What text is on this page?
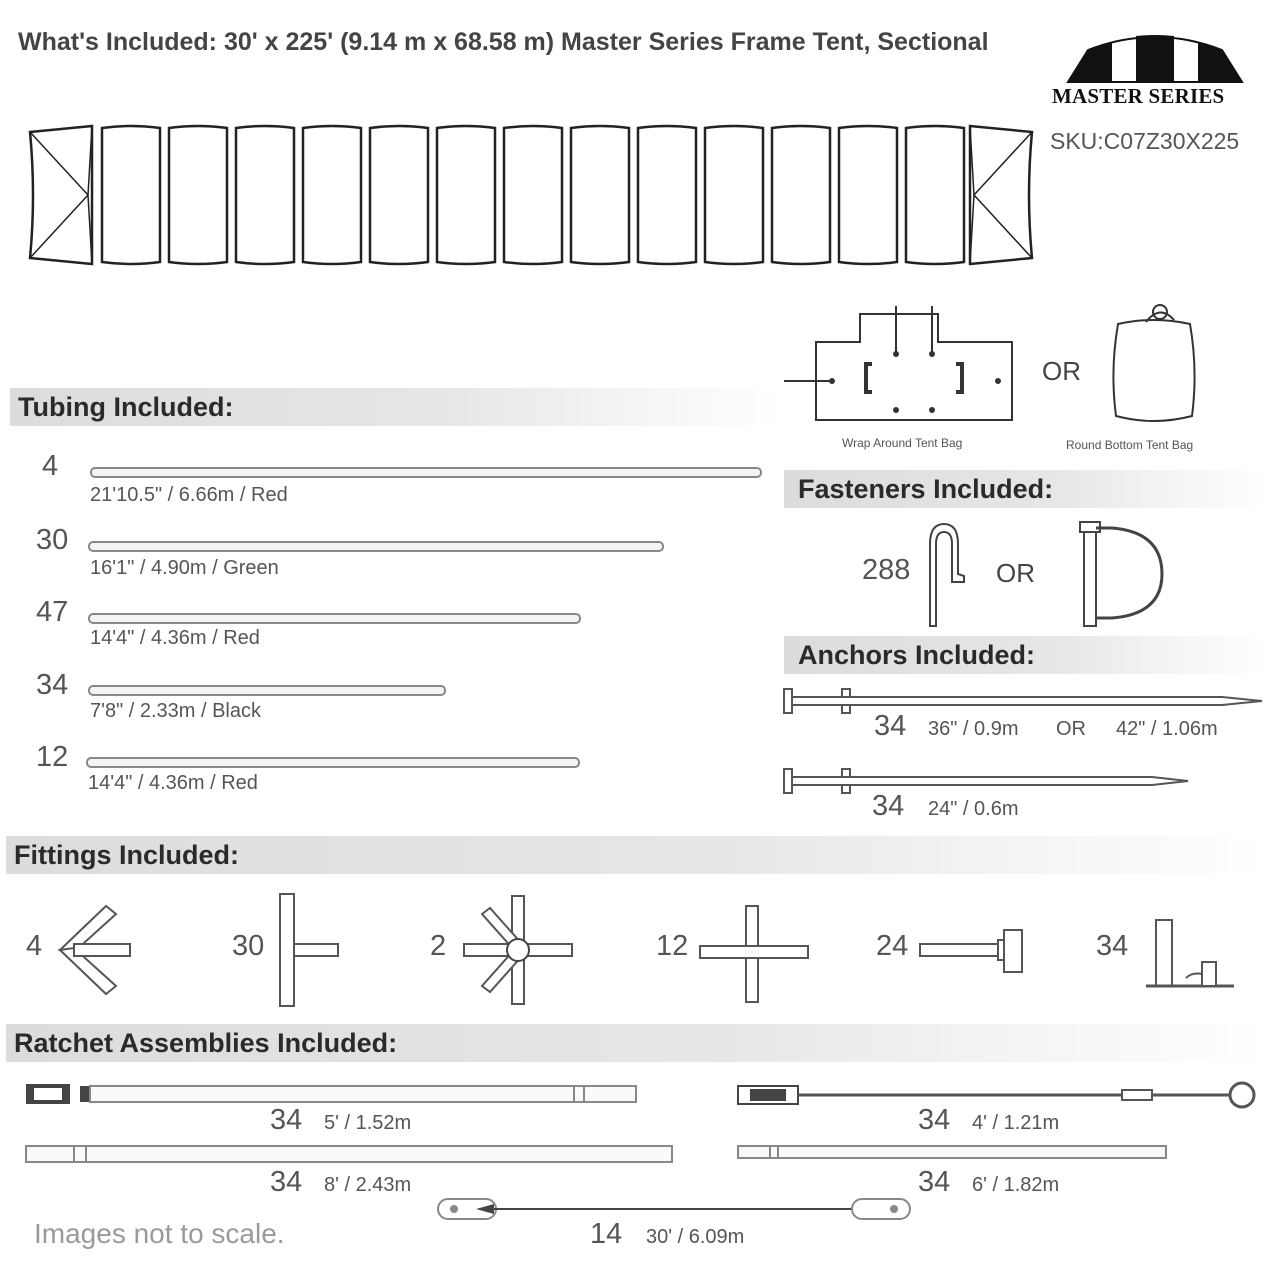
What's Included: 30' x 225' (9.14 m x 68.58 m) Master Series Frame Tent, Sectional
MASTER SERIES
SKU:C07Z30X225
Wrap Around Tent Bag
OR
Round Bottom Tent Bag
Tubing Included:
4
21'10.5" / 6.66m / Red
30
16'1" / 4.90m / Green
47
14'4" / 4.36m / Red
34
7'8" / 2.33m / Black
12
14'4" / 4.36m / Red
Fasteners Included:
288	OR
Anchors Included:
34 36" / 0.9m OR 42" / 1.06m
34 24" / 0.6m
Fittings Included:
4	30	2	12	24	34
Ratchet Assemblies Included:
34 5' / 1.52m	34 4' / 1.21m
34 8' / 2.43m	34 6' / 1.82m
14 30' / 6.09m
Images not to scale.
